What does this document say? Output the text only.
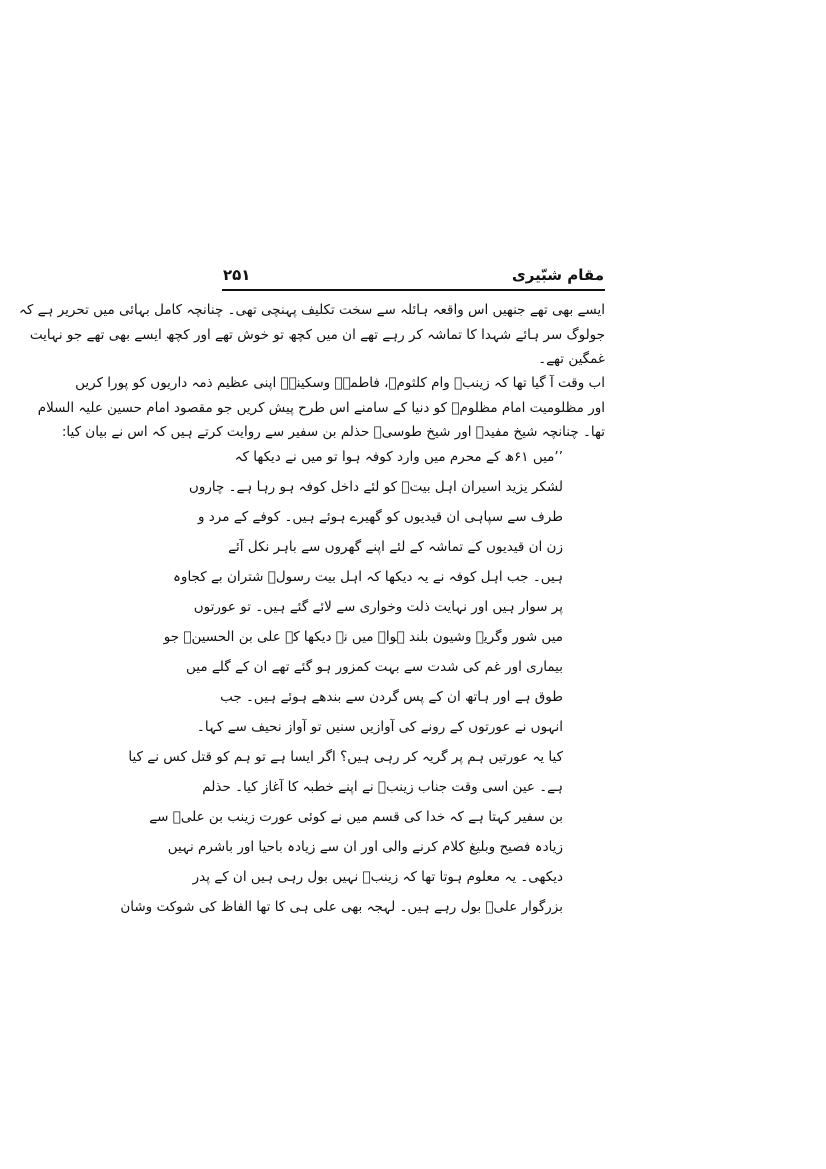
۲۵۱	مقام شبّیری
ایسے بھی تھے جنھیں اس واقعہ ہائلہ سے سخت تکلیف پہنچی تھی۔ چنانچہ کامل بہائی میں تحریر ہے کہ
جولوگ سر ہائے شہدا کا تماشہ کر رہے تھے ان میں کچھ تو خوش تھے اور کچھ ایسے بھی تھے جو نہایت
غمگین تھے۔
اب وقت آ گیا تھا کہ زینبؑ وام کلثومؑ، فاطمہؑ وسکینہؑ اپنی عظیم ذمہ داریوں کو پورا کریں
اور مظلومیت امام مظلومؑ کو دنیا کے سامنے اس طرح پیش کریں جو مقصود امام حسین علیہ السلام
تھا۔ چنانچہ شیخ مفیدؒ اور شیخ طوسیؒ حذلم بن سفیر سے روایت کرتے ہیں کہ اس نے بیان کیا:
’’میں ۶۱ھ کے محرم میں وارد کوفہ ہوا تو میں نے دیکھا کہ
لشکر یزید اسیران اہل بیتؑ کو لئے داخل کوفہ ہو رہا ہے۔ چاروں
طرف سے سپاہی ان قیدیوں کو گھیرے ہوئے ہیں۔ کوفے کے مرد و
زن ان قیدیوں کے تماشہ کے لئے اپنے گھروں سے باہر نکل آئے
ہیں۔ جب اہل کوفہ نے یہ دیکھا کہ اہل بیت رسولؐ شتران بے کجاوہ
پر سوار ہیں اور نہایت ذلت وخواری سے لائے گئے ہیں۔ تو عورتوں
میں شور وگریہ وشیون بلند ہوا۔ میں نے دیکھا کہ علی بن الحسینؑ جو
بیماری اور غم کی شدت سے بہت کمزور ہو گئے تھے ان کے گلے میں
طوق ہے اور ہاتھ ان کے پس گردن سے بندھے ہوئے ہیں۔ جب
انہوں نے عورتوں کے رونے کی آوازیں سنیں تو آواز نحیف سے کہا۔
کیا یہ عورتیں ہم پر گریہ کر رہی ہیں؟ اگر ایسا ہے تو ہم کو قتل کس نے کیا
ہے۔ عین اسی وقت جناب زینبؑ نے اپنے خطبہ کا آغاز کیا۔ حذلم
بن سفیر کہتا ہے کہ خدا کی قسم میں نے کوئی عورت زینب بن علیؑ سے
زیادہ فصیح وبلیغ کلام کرنے والی اور ان سے زیادہ باحیا اور باشرم نہیں
دیکھی۔ یہ معلوم ہوتا تھا کہ زینبؑ نہیں بول رہی ہیں ان کے پدر
بزرگوار علیؑ بول رہے ہیں۔ لہجہ بھی علی ہی کا تھا الفاظ کی شوکت وشان
